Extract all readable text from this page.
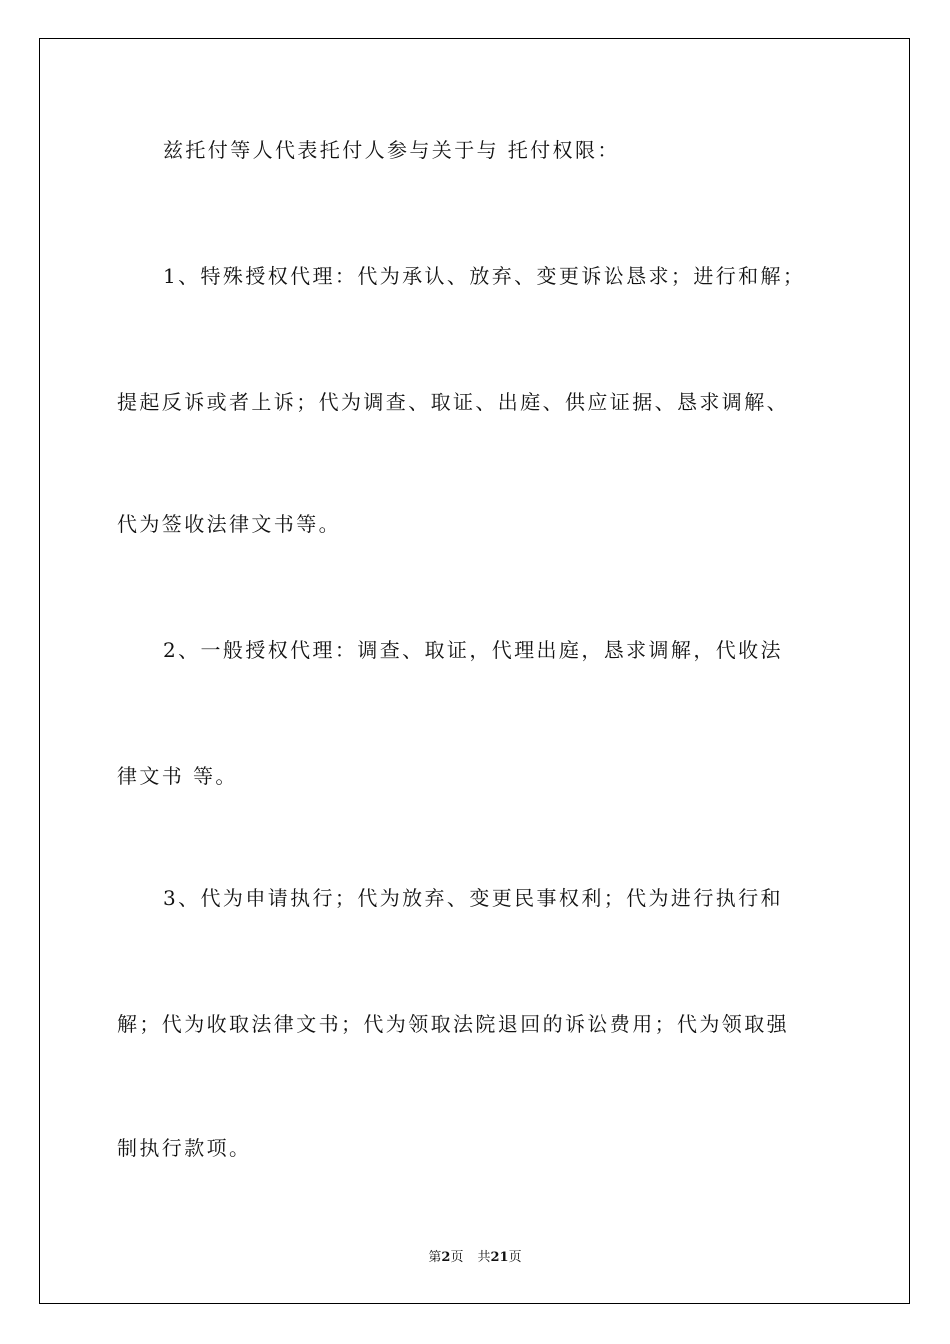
兹托付等人代表托付人参与关于与 托付权限：
1、特殊授权代理：代为承认、放弃、变更诉讼恳求；进行和解；
提起反诉或者上诉；代为调查、取证、出庭、供应证据、恳求调解、
代为签收法律文书等。
2、一般授权代理：调查、取证，代理出庭，恳求调解，代收法
律文书 等。
3、代为申请执行；代为放弃、变更民事权利；代为进行执行和
解；代为收取法律文书；代为领取法院退回的诉讼费用；代为领取强
制执行款项。
第2页 共21页
